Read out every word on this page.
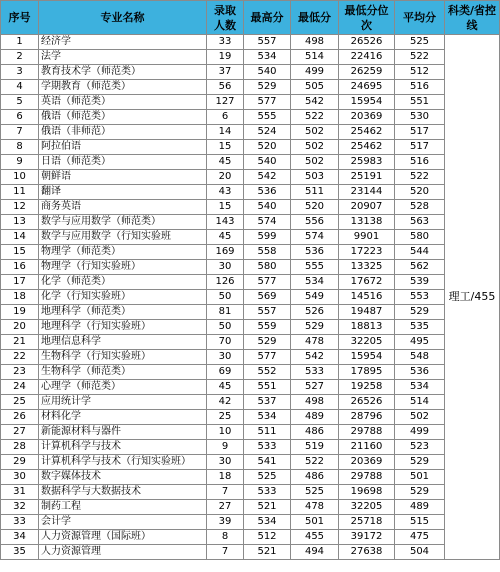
序号	专业名称	录取人数	最高分	最低分	最低分位次	平均分	科类/省控线
1	经济学	33	557	498	26526	525	理工/455
2	法学	19	534	514	22416	522	
3	教育技术学（师范类）	37	540	499	26259	512	
4	学期教育（师范类）	56	529	505	24695	516	
5	英语（师范类）	127	577	542	15954	551	
6	俄语（师范类）	6	555	522	20369	530	
7	俄语（非师范）	14	524	502	25462	517	
8	阿拉伯语	15	520	502	25462	517	
9	日语（师范类）	45	540	502	25983	516	
10	朝鲜语	20	542	503	25191	522	
11	翻译	43	536	511	23144	520	
12	商务英语	15	540	520	20907	528	
13	数学与应用数学（师范类）	143	574	556	13138	563	
14	数学与应用数学（行知实验班	45	599	574	9901	580	
15	物理学（师范类）	169	558	536	17223	544	
16	物理学（行知实验班）	30	580	555	13325	562	
17	化学（师范类）	126	577	534	17672	539	
18	化学（行知实验班）	50	569	549	14516	553	
19	地理科学（师范类）	81	557	526	19487	529	
20	地理科学（行知实验班）	50	559	529	18813	535	
21	地理信息科学	70	529	478	32205	495	
22	生物科学（行知实验班）	30	577	542	15954	548	
23	生物科学（师范类）	69	552	533	17895	536	
24	心理学（师范类）	45	551	527	19258	534	
25	应用统计学	42	537	498	26526	514	
26	材料化学	25	534	489	28796	502	
27	新能源材料与器件	10	511	486	29788	499	
28	计算机科学与技术	9	533	519	21160	523	
29	计算机科学与技术（行知实验班）	30	541	522	20369	529	
30	数字媒体技术	18	525	486	29788	501	
31	数据科学与大数据技术	7	533	525	19698	529	
32	制药工程	27	521	478	32205	489	
33	会计学	39	534	501	25718	515	
34	人力资源管理（国际班）	8	512	455	39172	475	
35	人力资源管理	7	521	494	27638	504	
